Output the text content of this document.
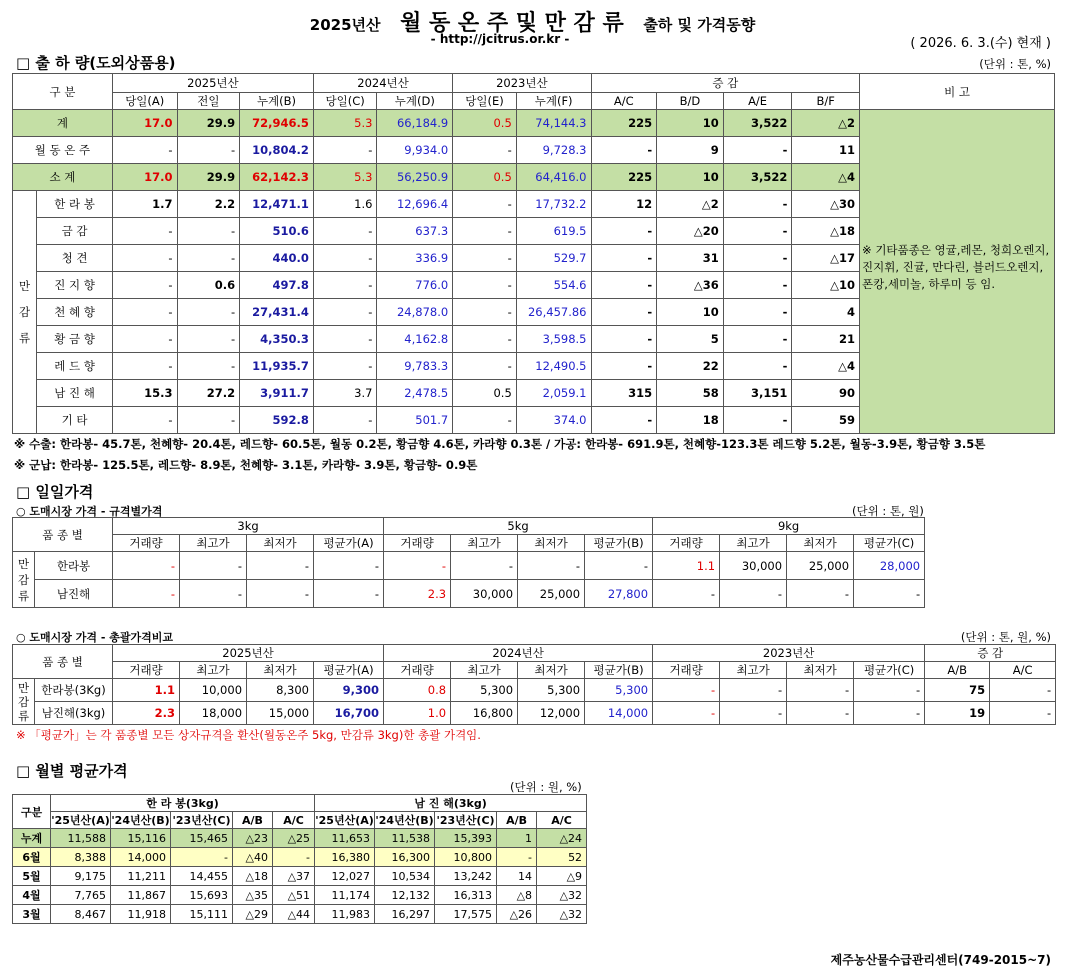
2025년산 월 동 온 주 및 만 감 류 출하 및 가격동향
- http://jcitrus.or.kr -	( 2026. 6. 3.(수) 현재 )
□ 출 하 량(도외상품용)	(단위 : 톤, %)
구 분		2025년산			2024년산		2023년산		증 감				비 고
		당일(A)	전일	누계(B)	당일(C)	누계(D)	당일(E)	누계(F)	A/C	B/D	A/E	B/F	
계		17.0	29.9	72,946.5	5.3	66,184.9	0.5	74,144.3	225	10	3,522	△2	※ 기타품종은 영귤,레몬, 청희오렌지, 진지휘, 진귤, 만다린, 블러드오렌지, 폰캉,세미놀, 하루미 등 임.

월 동 온 주		-	-	10,804.2	-	9,934.0	-	9,728.3	-	9	-	11	
소 계		17.0	29.9	62,142.3	5.3	56,250.9	0.5	64,416.0	225	10	3,522	△4	
만
감
류	한 라 봉	1.7	2.2	12,471.1	1.6	12,696.4	-	17,732.2	12	△2	-	△30	
	금 감	-	-	510.6	-	637.3	-	619.5	-	△20	-	△18	
	청 견	-	-	440.0	-	336.9	-	529.7	-	31	-	△17	
	진 지 향	-	0.6	497.8	-	776.0	-	554.6	-	△36	-	△10	
	천 혜 향	-	-	27,431.4	-	24,878.0	-	26,457.86	-	10	-	4	
	황 금 향	-	-	4,350.3	-	4,162.8	-	3,598.5	-	5	-	21	
	레 드 향	-	-	11,935.7	-	9,783.3	-	12,490.5	-	22	-	△4	
	남 진 해	15.3	27.2	3,911.7	3.7	2,478.5	0.5	2,059.1	315	58	3,151	90	
	기 타	-	-	592.8	-	501.7	-	374.0	-	18	-	59	
※ 수출: 한라봉- 45.7톤, 천혜향- 20.4톤, 레드향- 60.5톤, 월동 0.2톤, 황금향 4.6톤, 카라향 0.3톤 / 가공: 한라봉- 691.9톤, 천혜향-123.3톤 레드향 5.2톤, 월동-3.9톤, 황금향 3.5톤
※ 군납: 한라봉- 125.5톤, 레드향- 8.9톤, 천혜향- 3.1톤, 카라향- 3.9톤, 황금향- 0.9톤
□ 일일가격
○ 도매시장 가격 - 규격별가격	(단위 : 톤, 원)
품 종 별		3kg				5kg				9kg			
		거래량	최고가	최저가	평균가(A)	거래량	최고가	최저가	평균가(B)	거래량	최고가	최저가	평균가(C)
만
감
류	한라봉	-	-	-	-	-	-	-	-	1.1	30,000	25,000	28,000
	남진해	-	-	-	-	2.3	30,000	25,000	27,800	-	-	-	-
○ 도매시장 가격 - 총괄가격비교	(단위 : 톤, 원, %)
품 종 별		2025년산				2024년산				2023년산				증 감	
		거래량	최고가	최저가	평균가(A)	거래량	최고가	최저가	평균가(B)	거래량	최고가	최저가	평균가(C)	A/B	A/C
만
감
류	한라봉(3Kg)	1.1	10,000	8,300	9,300	0.8	5,300	5,300	5,300	-	-	-	-	75	-
	남진해(3kg)	2.3	18,000	15,000	16,700	1.0	16,800	12,000	14,000	-	-	-	-	19	-
※ 「평균가」는 각 품종별 모든 상자규격을 환산(월동온주 5kg, 만감류 3kg)한 총괄 가격임.
□ 월별 평균가격
(단위 : 원, %)
구분	한 라 봉(3kg)					남 진 해(3kg)				
	'25년산(A)	'24년산(B)	'23년산(C)	A/B	A/C	'25년산(A)	'24년산(B)	'23년산(C)	A/B	A/C
누계	11,588	15,116	15,465	△23	△25	11,653	11,538	15,393	1	△24
6월	8,388	14,000	-	△40	-	16,380	16,300	10,800	-	52
5월	9,175	11,211	14,455	△18	△37	12,027	10,534	13,242	14	△9
4월	7,765	11,867	15,693	△35	△51	11,174	12,132	16,313	△8	△32
3월	8,467	11,918	15,111	△29	△44	11,983	16,297	17,575	△26	△32
제주농산물수급관리센터(749-2015~7)
